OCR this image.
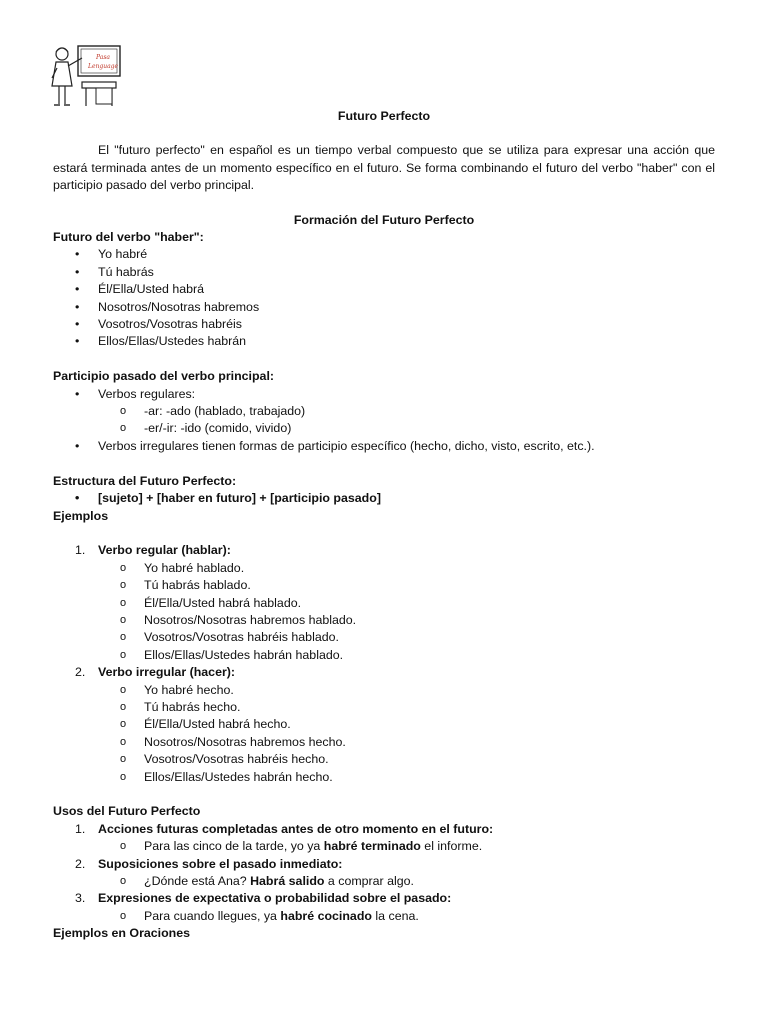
Pasa
Lenguage
Futuro Perfecto

El "futuro perfecto" en español es un tiempo verbal compuesto que se utiliza para expresar una acción que estará terminada antes de un momento específico en el futuro. Se forma combinando el futuro del verbo "haber" con el participio pasado del verbo principal.

Formación del Futuro Perfecto
Futuro del verbo "haber":
• Yo habré
• Tú habrás
• Él/Ella/Usted habrá
• Nosotros/Nosotras habremos
• Vosotros/Vosotras habréis
• Ellos/Ellas/Ustedes habrán
Participio pasado del verbo principal:
• Verbos regulares:
o -ar: -ado (hablado, trabajado)
o -er/-ir: -ido (comido, vivido)
• Verbos irregulares tienen formas de participio específico (hecho, dicho, visto, escrito, etc.).
Estructura del Futuro Perfecto:
• [sujeto] + [haber en futuro] + [participio pasado]
Ejemplos
1. Verbo regular (hablar):
o Yo habré hablado.
o Tú habrás hablado.
o Él/Ella/Usted habrá hablado.
o Nosotros/Nosotras habremos hablado.
o Vosotros/Vosotras habréis hablado.
o Ellos/Ellas/Ustedes habrán hablado.
2. Verbo irregular (hacer):
o Yo habré hecho.
o Tú habrás hecho.
o Él/Ella/Usted habrá hecho.
o Nosotros/Nosotras habremos hecho.
o Vosotros/Vosotras habréis hecho.
o Ellos/Ellas/Ustedes habrán hecho.
Usos del Futuro Perfecto
1. Acciones futuras completadas antes de otro momento en el futuro:
o Para las cinco de la tarde, yo ya habré terminado el informe.
2. Suposiciones sobre el pasado inmediato:
o ¿Dónde está Ana? Habrá salido a comprar algo.
3. Expresiones de expectativa o probabilidad sobre el pasado:
o Para cuando llegues, ya habré cocinado la cena.
Ejemplos en Oraciones
